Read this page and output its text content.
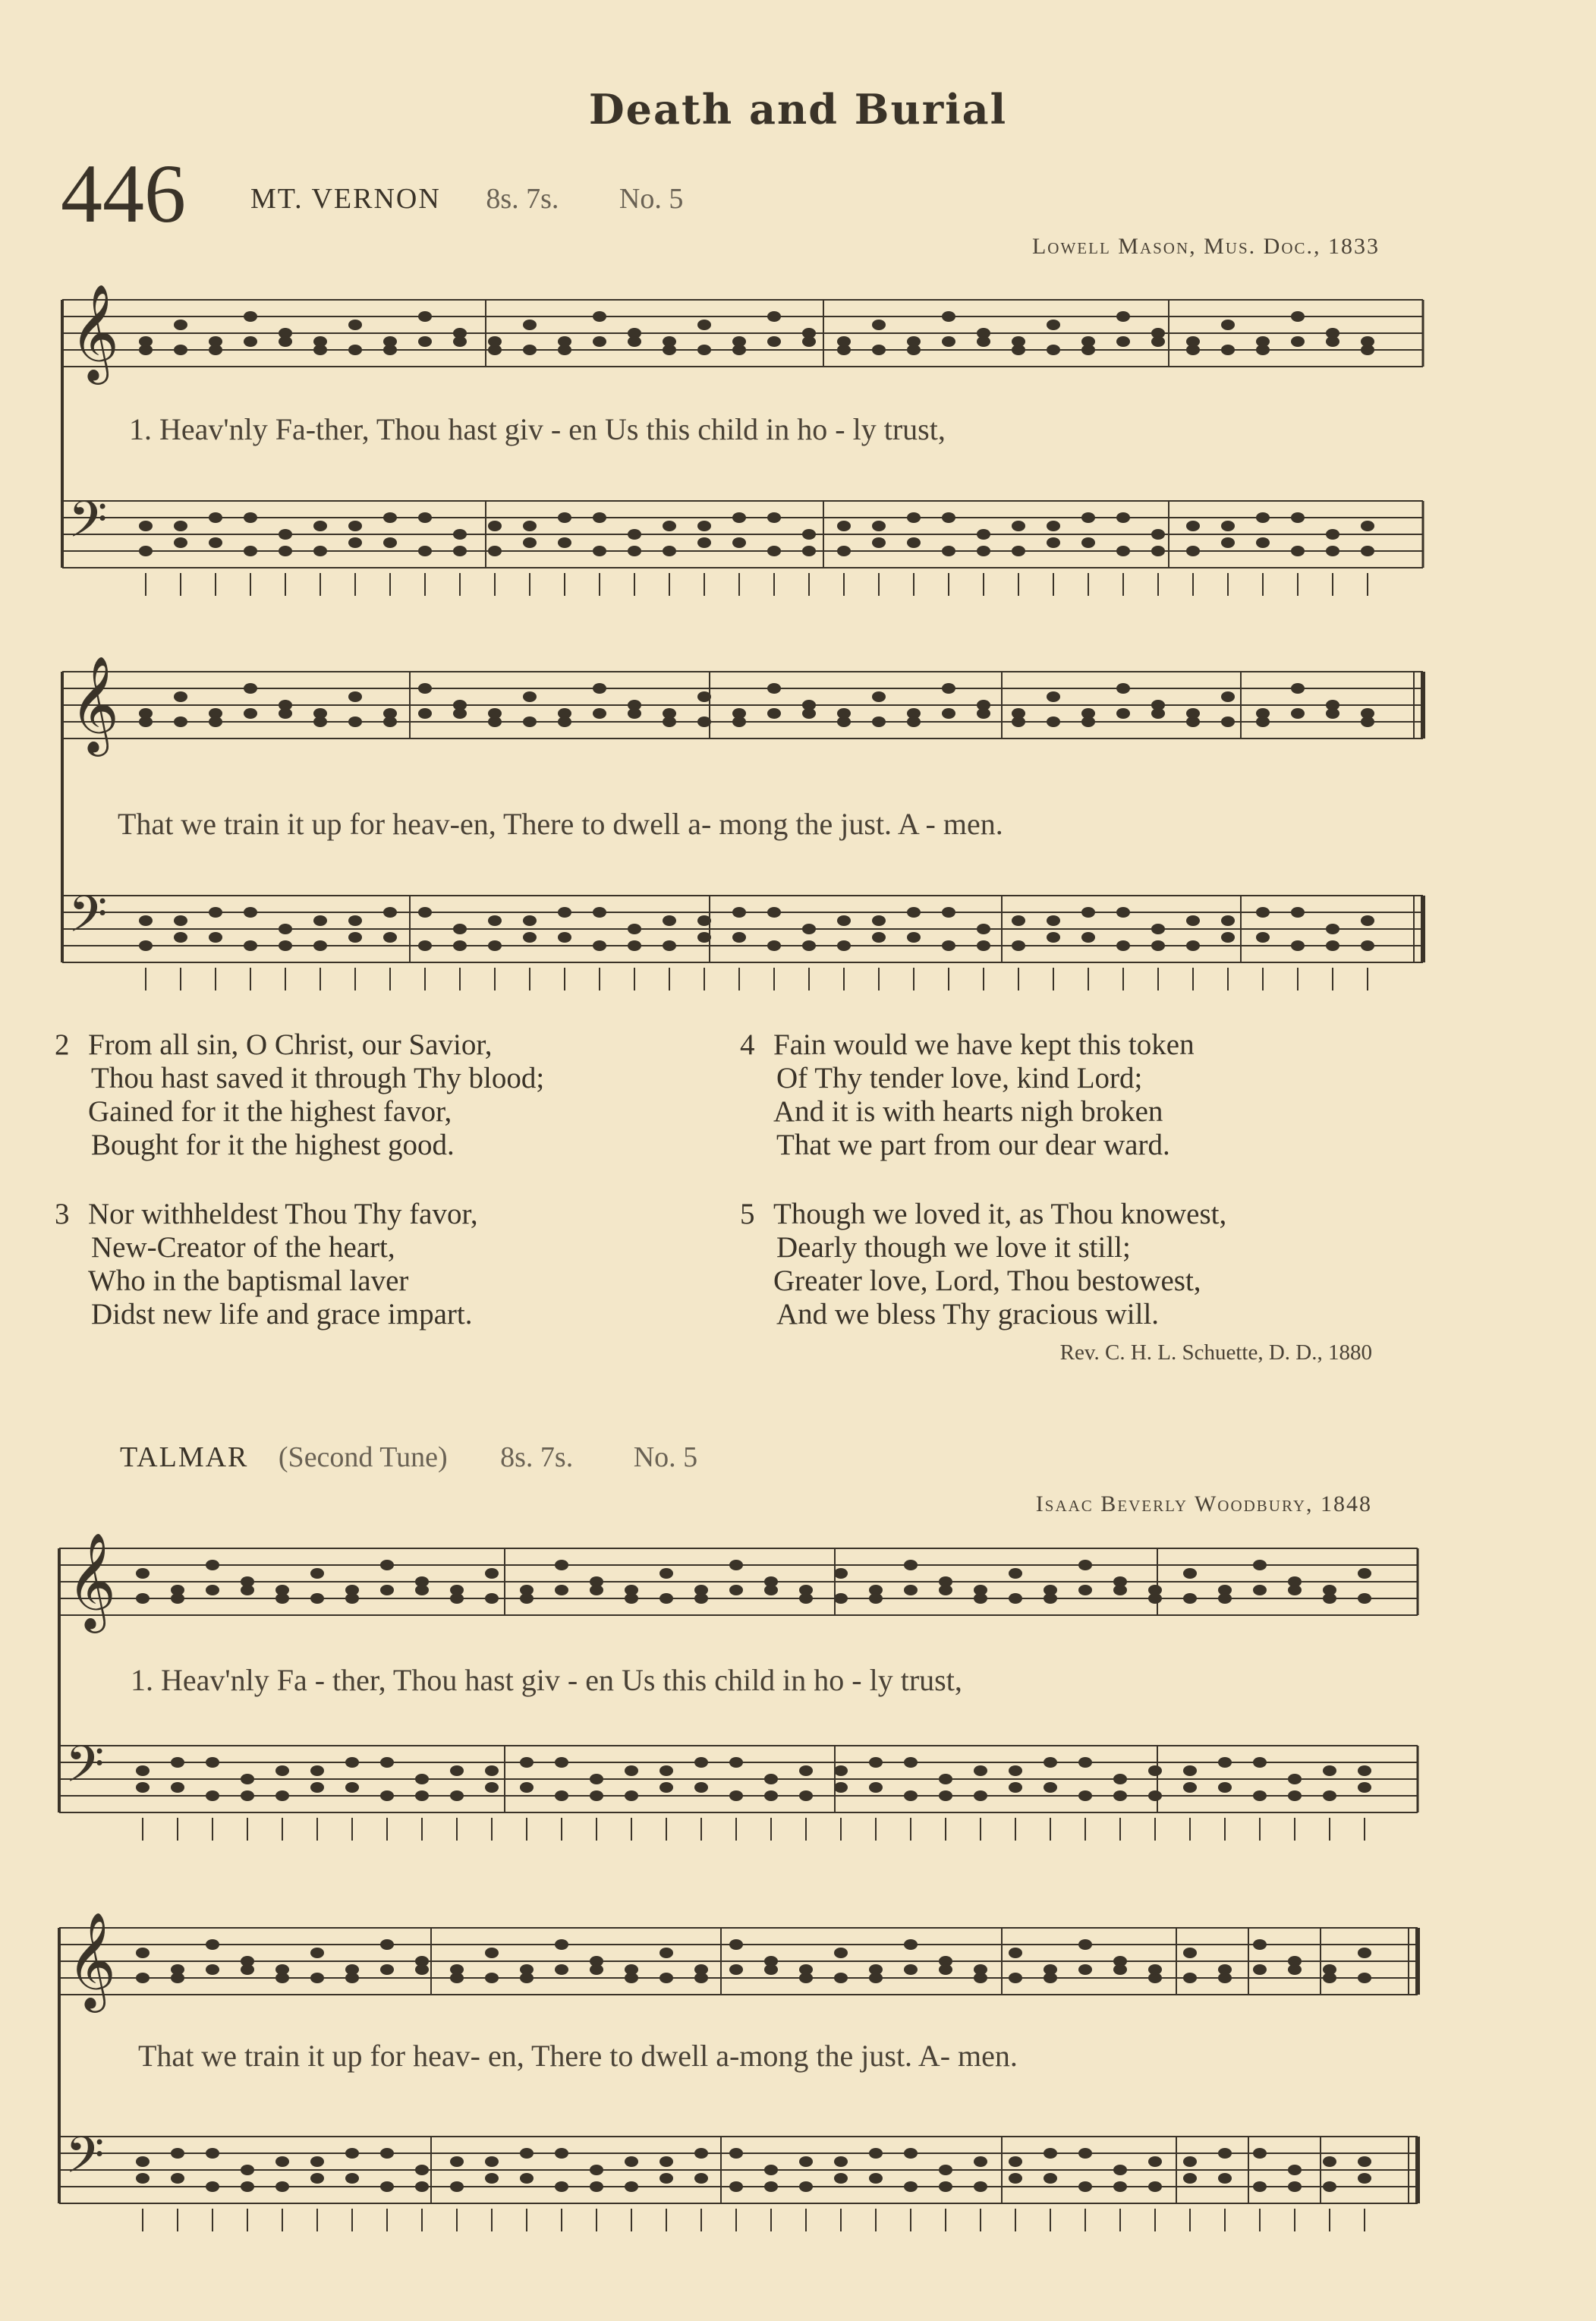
Death and Burial
446 MT. VERNON 8s. 7s. No. 5
Lowell Mason, Mus. Doc., 1833
𝄞
𝄢
𝄞
𝄢
𝄞
𝄢
𝄞
𝄢
1. Heav'nly Fa-ther, Thou hast giv - en Us this child in ho - ly trust,
That we train it up for heav-en, There to dwell a- mong the just. A - men.
2 From all sin, O Christ, our Savior,
Thou hast saved it through Thy blood;
Gained for it the highest favor,
Bought for it the highest good.
3 Nor withheldest Thou Thy favor,
New-Creator of the heart,
Who in the baptismal laver
Didst new life and grace impart.
4 Fain would we have kept this token
Of Thy tender love, kind Lord;
And it is with hearts nigh broken
That we part from our dear ward.
5 Though we loved it, as Thou knowest,
Dearly though we love it still;
Greater love, Lord, Thou bestowest,
And we bless Thy gracious will.
Rev. C. H. L. Schuette, D. D., 1880
TALMAR (Second Tune) 8s. 7s. No. 5
Isaac Beverly Woodbury, 1848
1. Heav'nly Fa - ther, Thou hast giv - en Us this child in ho - ly trust,
That we train it up for heav- en, There to dwell a-mong the just. A- men.
